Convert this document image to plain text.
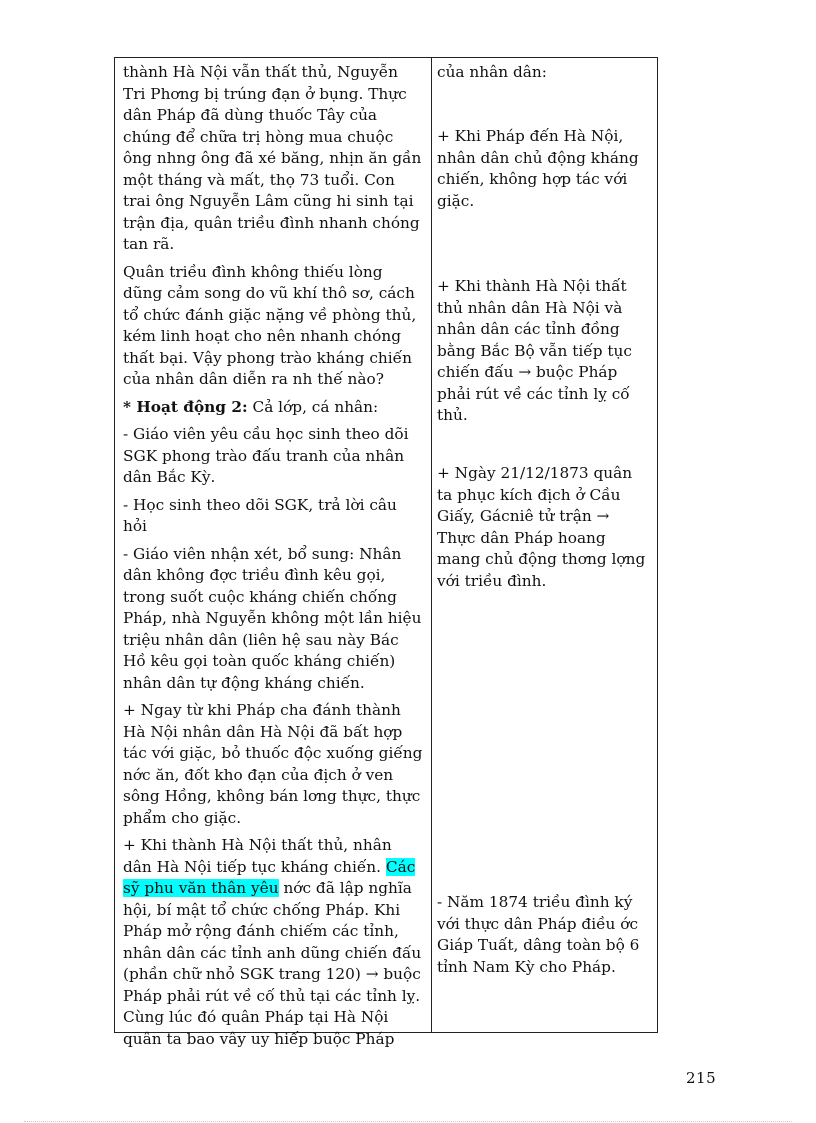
thành Hà Nội vẫn thất thủ, Nguyễn Tri Phơng bị trúng đạn ở bụng. Thực dân Pháp đã dùng thuốc Tây của chúng để chữa trị hòng mua chuộc ông nhng ông đã xé băng, nhịn ăn gần một tháng và mất, thọ 73 tuổi. Con trai ông Nguyễn Lâm cũng hi sinh tại trận địa, quân triều đình nhanh chóng tan rã.

Quân triều đình không thiếu lòng dũng cảm song do vũ khí thô sơ, cách tổ chức đánh giặc nặng về phòng thủ, kém linh hoạt cho nên nhanh chóng thất bại. Vậy phong trào kháng chiến của nhân dân diễn ra nh thế nào?

* Hoạt động 2: Cả lớp, cá nhân:

- Giáo viên yêu cầu học sinh theo dõi SGK phong trào đấu tranh của nhân dân Bắc Kỳ.

- Học sinh theo dõi SGK, trả lời câu hỏi

- Giáo viên nhận xét, bổ sung: Nhân dân không đợc triều đình kêu gọi, trong suốt cuộc kháng chiến chống Pháp, nhà Nguyễn không một lần hiệu triệu nhân dân (liên hệ sau này Bác Hồ kêu gọi toàn quốc kháng chiến) nhân dân tự động kháng chiến.

+ Ngay từ khi Pháp cha đánh thành Hà Nội nhân dân Hà Nội đã bất hợp tác với giặc, bỏ thuốc độc xuống giếng nớc ăn, đốt kho đạn của địch ở ven sông Hồng, không bán lơng thực, thực phẩm cho giặc.

+ Khi thành Hà Nội thất thủ, nhân dân Hà Nội tiếp tục kháng chiến. Các sỹ phu văn thân yêu nớc đã lập nghĩa hội, bí mật tổ chức chống Pháp. Khi Pháp mở rộng đánh chiếm các tỉnh, nhân dân các tỉnh anh dũng chiến đấu (phần chữ nhỏ SGK trang 120) → buộc Pháp phải rút về cố thủ tại các tỉnh lỵ. Cùng lúc đó quân Pháp tại Hà Nội quân ta bao vây uy hiếp buộc Pháp

của nhân dân:

+ Khi Pháp đến Hà Nội, nhân dân chủ động kháng chiến, không hợp tác với giặc.

+ Khi thành Hà Nội thất thủ nhân dân Hà Nội và nhân dân các tỉnh đồng bằng Bắc Bộ vẫn tiếp tục chiến đấu → buộc Pháp phải rút về các tỉnh lỵ cố thủ.

+ Ngày 21/12/1873 quân ta phục kích địch ở Cầu Giấy, Gácniê tử trận → Thực dân Pháp hoang mang chủ động thơng lợng với triều đình.

- Năm 1874 triều đình ký với thực dân Pháp điều ớc Giáp Tuất, dâng toàn bộ 6 tỉnh Nam Kỳ cho Pháp.

215
